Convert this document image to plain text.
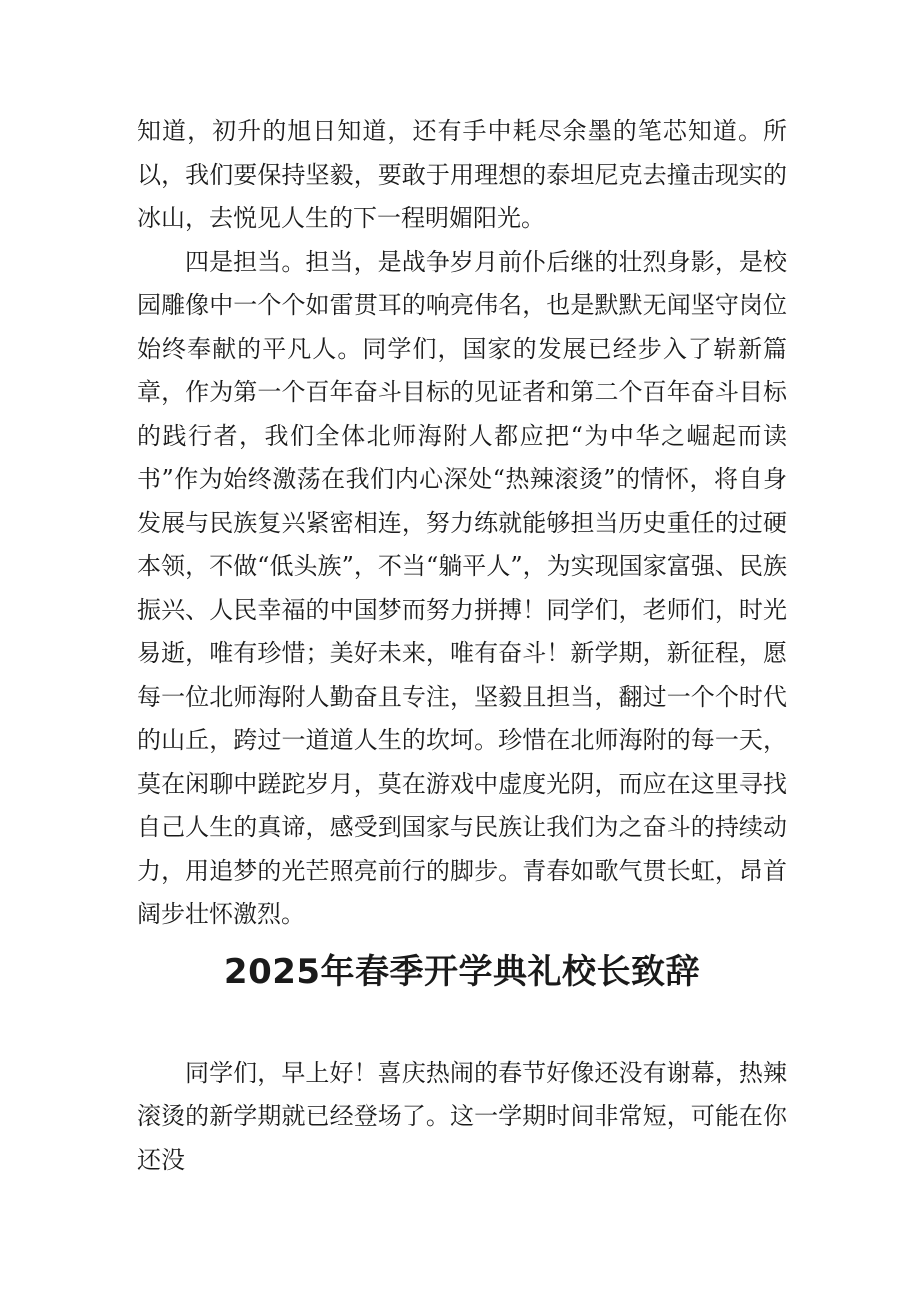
知道，初升的旭日知道，还有手中耗尽余墨的笔芯知道。所以，我们要保持坚毅，要敢于用理想的泰坦尼克去撞击现实的冰山，去悦见人生的下一程明媚阳光。

四是担当。担当，是战争岁月前仆后继的壮烈身影，是校园雕像中一个个如雷贯耳的响亮伟名，也是默默无闻坚守岗位始终奉献的平凡人。同学们，国家的发展已经步入了崭新篇章，作为第一个百年奋斗目标的见证者和第二个百年奋斗目标的践行者，我们全体北师海附人都应把“为中华之崛起而读书”作为始终激荡在我们内心深处“热辣滚烫”的情怀，将自身发展与民族复兴紧密相连，努力练就能够担当历史重任的过硬本领，不做“低头族”，不当“躺平人”，为实现国家富强、民族振兴、人民幸福的中国梦而努力拼搏！同学们，老师们，时光易逝，唯有珍惜；美好未来，唯有奋斗！新学期，新征程，愿每一位北师海附人勤奋且专注，坚毅且担当，翻过一个个时代的山丘，跨过一道道人生的坎坷。珍惜在北师海附的每一天，莫在闲聊中蹉跎岁月，莫在游戏中虚度光阴，而应在这里寻找自己人生的真谛，感受到国家与民族让我们为之奋斗的持续动力，用追梦的光芒照亮前行的脚步。青春如歌气贯长虹，昂首阔步壮怀激烈。

2025年春季开学典礼校长致辞

同学们，早上好！喜庆热闹的春节好像还没有谢幕，热辣滚烫的新学期就已经登场了。这一学期时间非常短，可能在你还没
